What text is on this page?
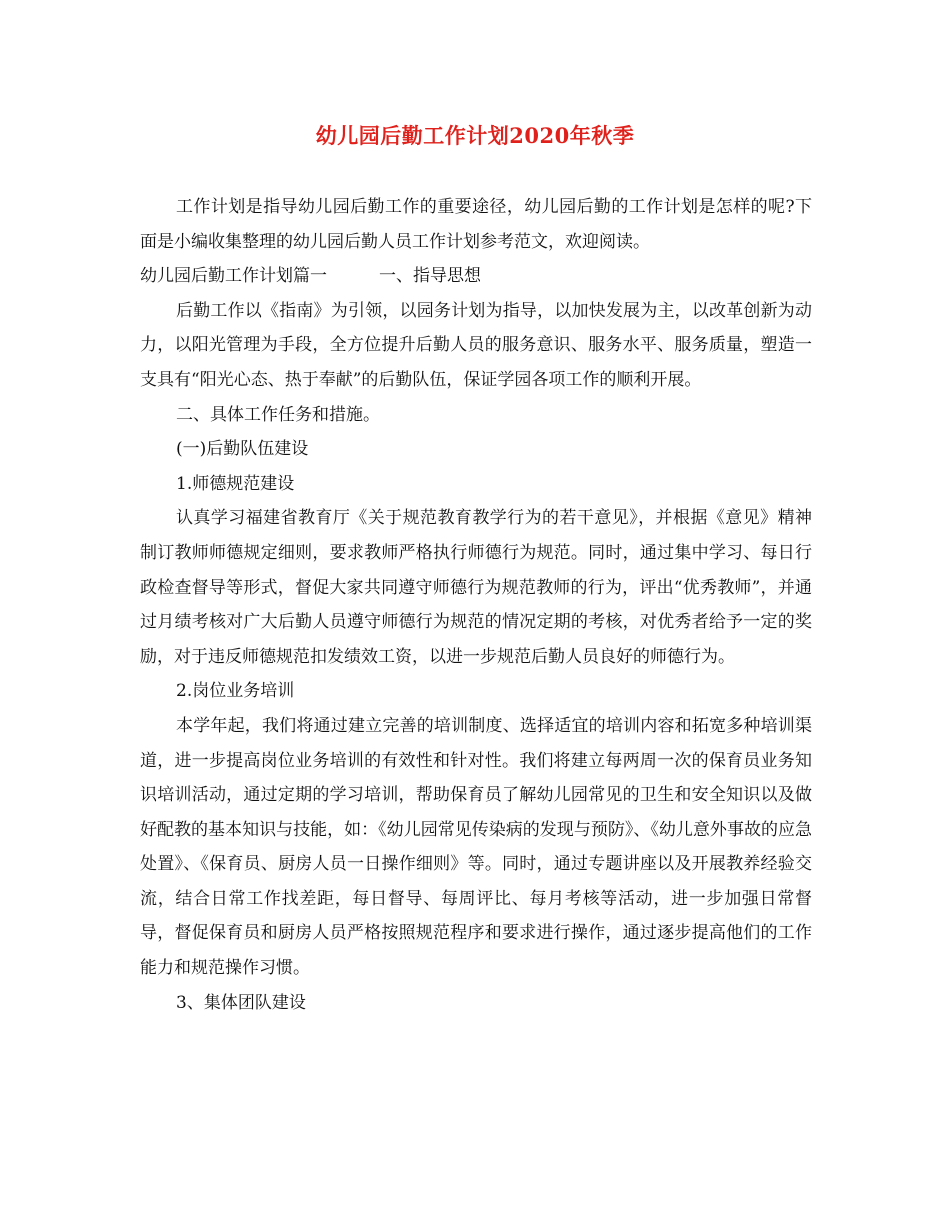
幼儿园后勤工作计划2020年秋季

工作计划是指导幼儿园后勤工作的重要途径，幼儿园后勤的工作计划是怎样的呢?下面是小编收集整理的幼儿园后勤人员工作计划参考范文，欢迎阅读。

幼儿园后勤工作计划篇一	一、指导思想

后勤工作以《指南》为引领，以园务计划为指导，以加快发展为主，以改革创新为动力，以阳光管理为手段，全方位提升后勤人员的服务意识、服务水平、服务质量，塑造一支具有“阳光心态、热于奉献”的后勤队伍，保证学园各项工作的顺利开展。

二、具体工作任务和措施。

(一)后勤队伍建设

1.师德规范建设

认真学习福建省教育厅《关于规范教育教学行为的若干意见》，并根据《意见》精神制订教师师德规定细则，要求教师严格执行师德行为规范。同时，通过集中学习、每日行政检查督导等形式，督促大家共同遵守师德行为规范教师的行为，评出“优秀教师”，并通过月绩考核对广大后勤人员遵守师德行为规范的情况定期的考核，对优秀者给予一定的奖励，对于违反师德规范扣发绩效工资，以进一步规范后勤人员良好的师德行为。

2.岗位业务培训

本学年起，我们将通过建立完善的培训制度、选择适宜的培训内容和拓宽多种培训渠道，进一步提高岗位业务培训的有效性和针对性。我们将建立每两周一次的保育员业务知识培训活动，通过定期的学习培训，帮助保育员了解幼儿园常见的卫生和安全知识以及做好配教的基本知识与技能，如：《幼儿园常见传染病的发现与预防》、《幼儿意外事故的应急处置》、《保育员、厨房人员一日操作细则》等。同时，通过专题讲座以及开展教养经验交流，结合日常工作找差距，每日督导、每周评比、每月考核等活动，进一步加强日常督导，督促保育员和厨房人员严格按照规范程序和要求进行操作，通过逐步提高他们的工作能力和规范操作习惯。

3、集体团队建设
